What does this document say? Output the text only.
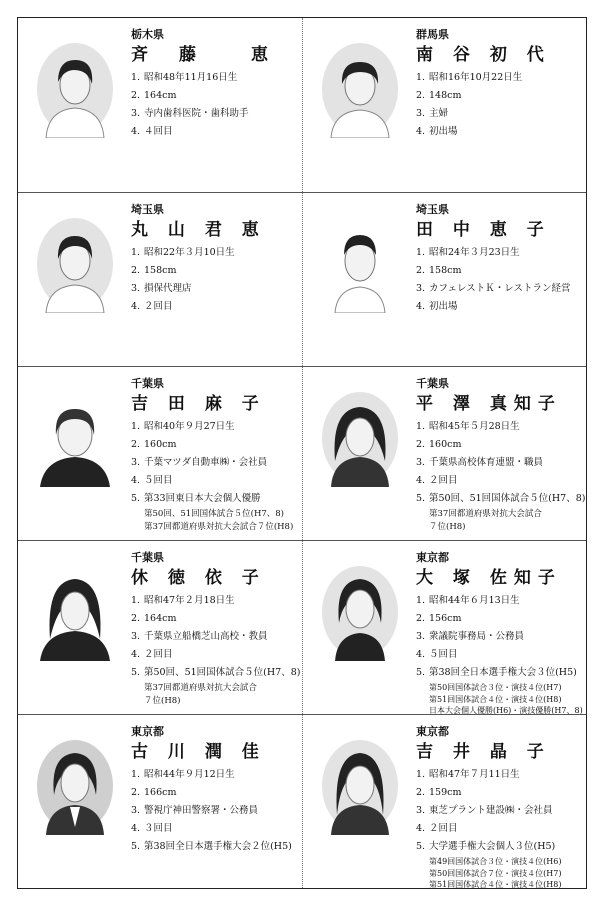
栃木県
斉　藤　　恵
1. 昭和48年11月16日生
2. 164cm
3. 寺内歯科医院・歯科助手
4. ４回目
群馬県
南 谷 初 代
1. 昭和16年10月22日生
2. 148cm
3. 主婦
4. 初出場
埼玉県
丸 山 君 恵
1. 昭和22年３月10日生
2. 158cm
3. 損保代理店
4. ２回目
埼玉県
田 中 恵 子
1. 昭和24年３月23日生
2. 158cm
3. カフェレストＫ・レストラン経営
4. 初出場
千葉県
吉 田 麻 子
1. 昭和40年９月27日生
2. 160cm
3. 千葉マツダ自動車㈱・会社員
4. ５回目
5. 第33回東日本大会個人優勝
第50回、51回国体試合５位(H7、8)
第37回都道府県対抗大会試合７位(H8)
千葉県
平 澤 真知子
1. 昭和45年５月28日生
2. 160cm
3. 千葉県高校体育連盟・職員
4. ２回目
5. 第50回、51回国体試合５位(H7、8)
第37回都道府県対抗大会試合
７位(H8)
千葉県
休 徳 依 子
1. 昭和47年２月18日生
2. 164cm
3. 千葉県立船橋芝山高校・教員
4. ２回目
5. 第50回、51回国体試合５位(H7、8)
第37回都道府県対抗大会試合
７位(H8)
東京都
大 塚 佐知子
1. 昭和44年６月13日生
2. 156cm
3. 衆議院事務局・公務員
4. ５回目
5. 第38回全日本選手権大会３位(H5)
第50回国体試合３位・演技４位(H7)
第51回国体試合４位・演技４位(H8)
日本大会個人優勝(H6)・演技優勝(H7、8)
東京都
古 川 潤 佳
1. 昭和44年９月12日生
2. 166cm
3. 警視庁神田警察署・公務員
4. ３回目
5. 第38回全日本選手権大会２位(H5)
東京都
吉 井 晶 子
1. 昭和47年７月11日生
2. 159cm
3. 東芝プラント建設㈱・会社員
4. ２回目
5. 大学選手権大会個人３位(H5)
第49回国体試合３位・演技４位(H6)
第50回国体試合７位・演技４位(H7)
第51回国体試合４位・演技４位(H8)
